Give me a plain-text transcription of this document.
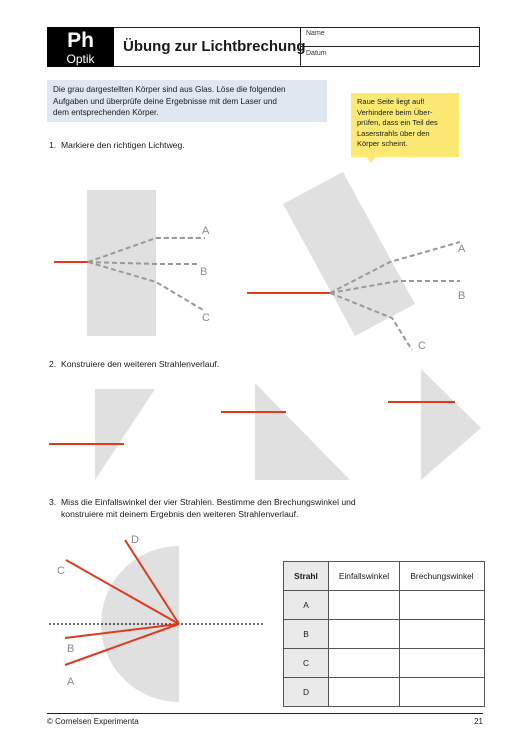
Ph
Optik
Übung zur Lichtbrechung
Name
Datum
Die grau dargestellten Körper sind aus Glas. Löse die folgenden
Aufgaben und überprüfe deine Ergebnisse mit dem Laser und
dem entsprechenden Körper.
Raue Seite liegt auf!
Verhindere beim Über-
prüfen, dass ein Teil des
Laserstrahls über den
Körper scheint.
1. Markiere den richtigen Lichtweg.
2. Konstruiere den weiteren Strahlenverlauf.
3. Miss die Einfallswinkel der vier Strahlen. Bestimme den Brechungswinkel und
konstruiere mit deinem Ergebnis den weiteren Strahlenverlauf.
A
B
C
A
B
C
A
B
C
D
Strahl	Einfallswinkel	Brechungswinkel
A		
B		
C		
D		
© Cornelsen Experimenta	21
